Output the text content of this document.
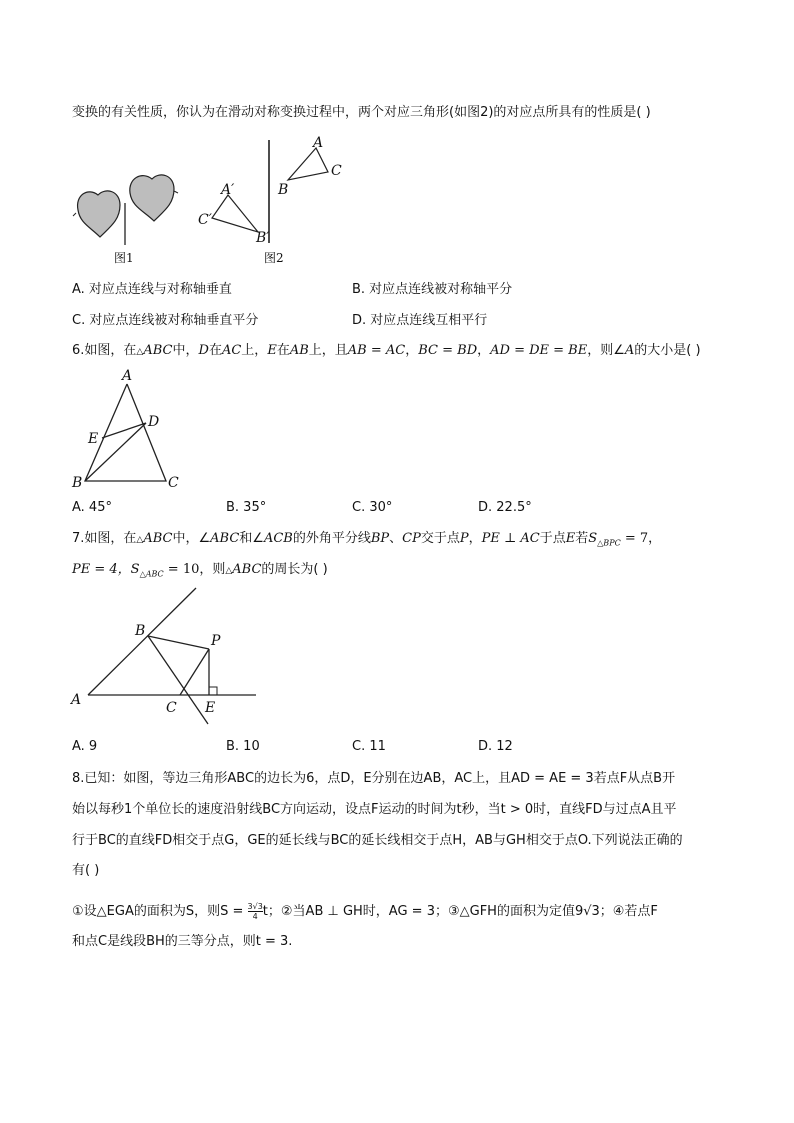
变换的有关性质，你认为在滑动对称变换过程中，两个对应三角形(如图2)的对应点所具有的性质是( )
图1
A
B
C
A′
B′
C′
图2
A. 对应点连线与对称轴垂直	B. 对应点连线被对称轴平分
C. 对应点连线被对称轴垂直平分	D. 对应点连线互相平行
6.如图，在△ABC中，D在AC上，E在AB上，且AB = AC，BC = BD，AD = DE = BE，则∠A的大小是( )
A
D
E
B	C
A. 45°	B. 35°	C. 30°	D. 22.5°
7.如图，在△ABC中，∠ABC和∠ACB的外角平分线BP、CP交于点P，PE ⊥ AC于点E若$S_{\triangle BPC} = 7$，
PE = 4，$S_{\triangle ABC} = 10$，则△ABC的周长为( )
B
P
A	C E
A. 9	B. 10	C. 11	D. 12
8.已知：如图，等边三角形ABC的边长为6，点D，E分别在边AB，AC上，且AD = AE = 3若点F从点B开
始以每秒1个单位长的速度沿射线BC方向运动，设点F运动的时间为t秒，当t > 0时，直线FD与过点A且平
行于BC的直线FD相交于点G，GE的延长线与BC的延长线相交于点H，AB与GH相交于点O.下列说法正确的
有( )
①设△EGA的面积为S，则$S = \frac{3√3}{4}$ t；②当AB ⊥ GH时，AG = 3；③△GFH的面积为定值9√3；④若点F
和点C是线段BH的三等分点，则t = 3.
